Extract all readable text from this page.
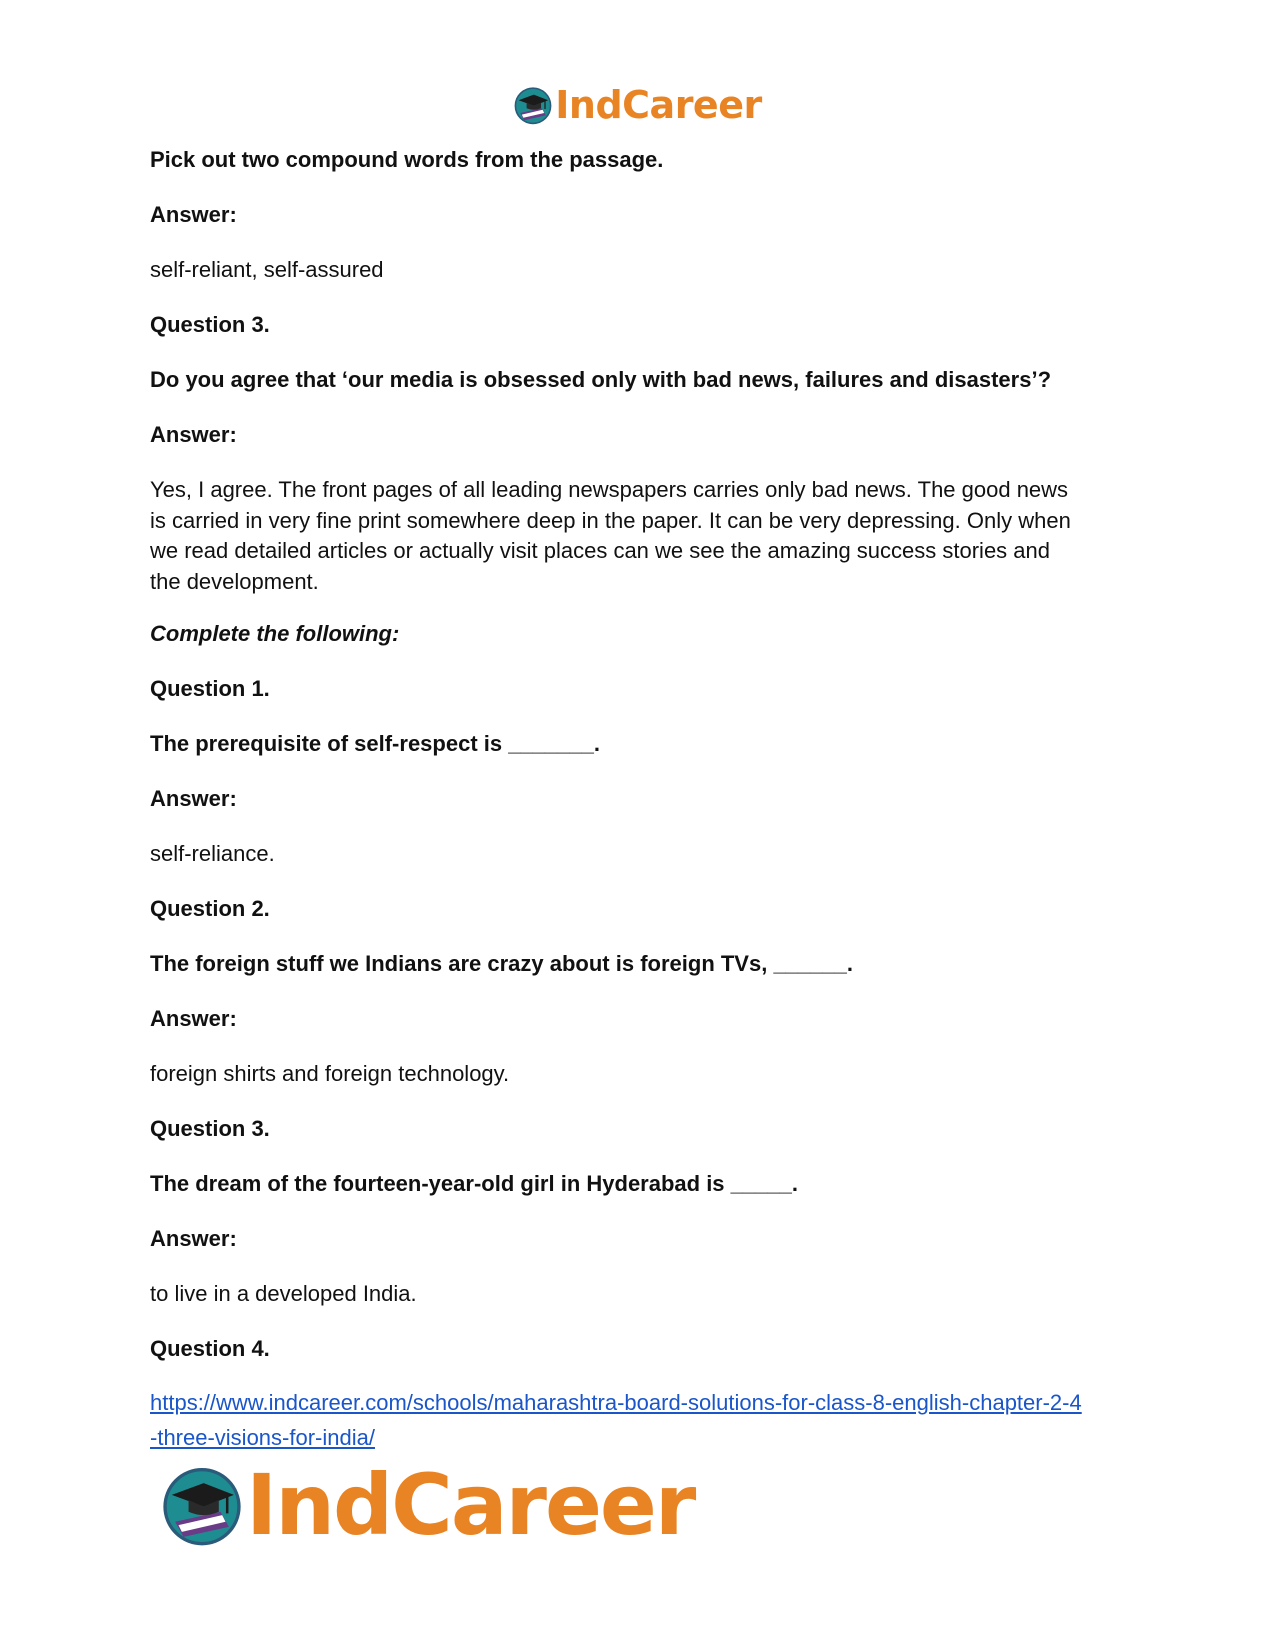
IndCareer
Pick out two compound words from the passage.
Answer:
self-reliant, self-assured
Question 3.
Do you agree that ‘our media is obsessed only with bad news, failures and disasters’?
Answer:
Yes, I agree. The front pages of all leading newspapers carries only bad news. The good news
is carried in very fine print somewhere deep in the paper. It can be very depressing. Only when
we read detailed articles or actually visit places can we see the amazing success stories and
the development.
Complete the following:
Question 1.
The prerequisite of self-respect is _______.
Answer:
self-reliance.
Question 2.
The foreign stuff we Indians are crazy about is foreign TVs, ______.
Answer:
foreign shirts and foreign technology.
Question 3.
The dream of the fourteen-year-old girl in Hyderabad is _____.
Answer:
to live in a developed India.
Question 4.
https://www.indcareer.com/schools/maharashtra-board-solutions-for-class-8-english-chapter-2-4
-three-visions-for-india/
IndCareer
